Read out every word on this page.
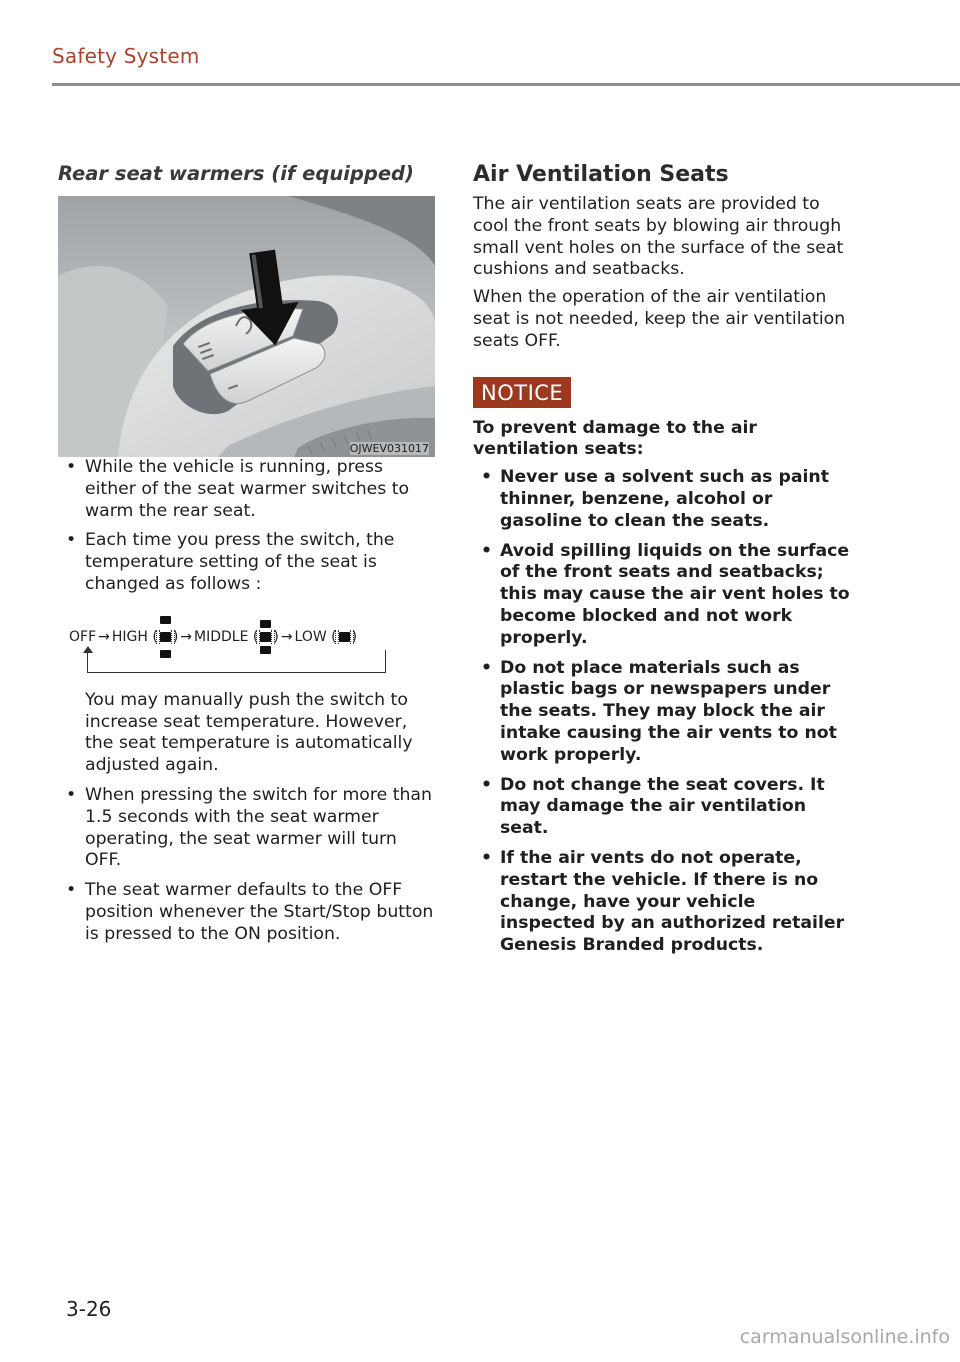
Safety System
Rear seat warmers (if equipped)
OJWEV031017
• While the vehicle is running, press either of the seat warmer switches to warm the rear seat.
• Each time you press the switch, the temperature setting of the seat is changed as follows :
OFF → HIGH ( ) → MIDDLE ( ) → LOW ( )

You may manually push the switch to increase seat temperature. However, the seat temperature is automatically adjusted again.

• When pressing the switch for more than 1.5 seconds with the seat warmer operating, the seat warmer will turn OFF.
• The seat warmer defaults to the OFF position whenever the Start/Stop button is pressed to the ON position.
Air Ventilation Seats

The air ventilation seats are provided to cool the front seats by blowing air through small vent holes on the surface of the seat cushions and seatbacks.

When the operation of the air ventilation seat is not needed, keep the air ventilation seats OFF.

NOTICE

To prevent damage to the air ventilation seats:

• Never use a solvent such as paint thinner, benzene, alcohol or gasoline to clean the seats.
• Avoid spilling liquids on the surface of the front seats and seatbacks; this may cause the air vent holes to become blocked and not work properly.
• Do not place materials such as plastic bags or newspapers under the seats. They may block the air intake causing the air vents to not work properly.
• Do not change the seat covers. It may damage the air ventilation seat.
• If the air vents do not operate, restart the vehicle. If there is no change, have your vehicle inspected by an authorized retailer Genesis Branded products.
3-26
carmanualsonline.info
